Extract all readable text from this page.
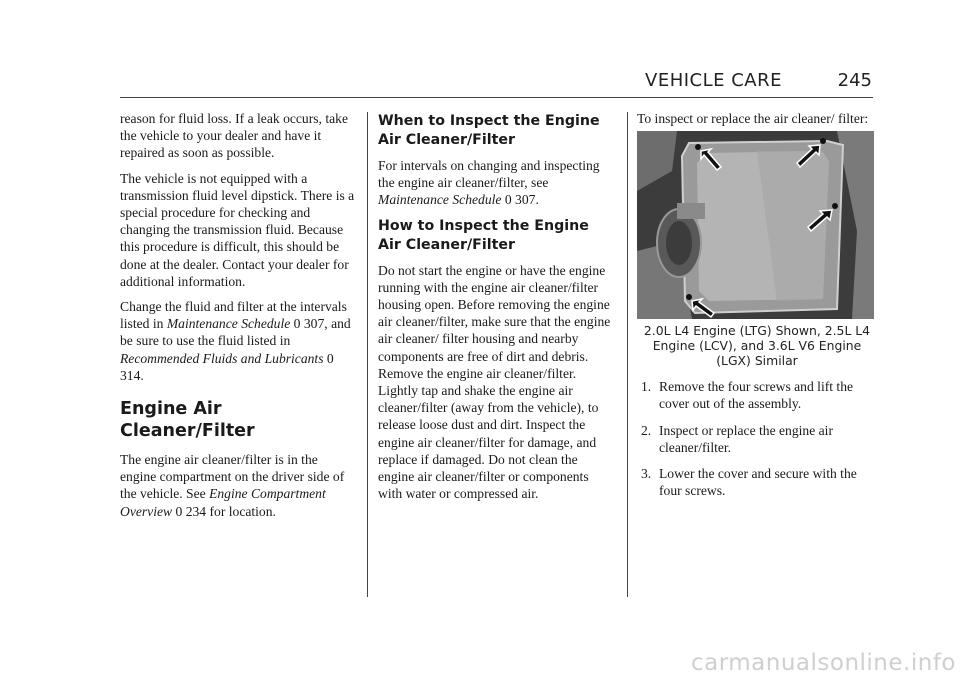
VEHICLE CARE	245

reason for fluid loss. If a leak occurs, take the vehicle to your dealer and have it repaired as soon as possible.

The vehicle is not equipped with a transmission fluid level dipstick. There is a special procedure for checking and changing the transmission fluid. Because this procedure is difficult, this should be done at the dealer. Contact your dealer for additional information.

Change the fluid and filter at the intervals listed in Maintenance Schedule 0 307, and be sure to use the fluid listed in Recommended Fluids and Lubricants 0 314.

Engine Air Cleaner/Filter

The engine air cleaner/filter is in the engine compartment on the driver side of the vehicle. See Engine Compartment Overview 0 234 for location.

When to Inspect the Engine Air Cleaner/Filter

For intervals on changing and inspecting the engine air cleaner/filter, see Maintenance Schedule 0 307.

How to Inspect the Engine Air Cleaner/Filter

Do not start the engine or have the engine running with the engine air cleaner/filter housing open. Before removing the engine air cleaner/filter, make sure that the engine air cleaner/ filter housing and nearby components are free of dirt and debris. Remove the engine air cleaner/filter. Lightly tap and shake the engine air cleaner/filter (away from the vehicle), to release loose dust and dirt. Inspect the engine air cleaner/filter for damage, and replace if damaged. Do not clean the engine air cleaner/filter or components with water or compressed air.

To inspect or replace the air cleaner/ filter:

2.0L L4 Engine (LTG) Shown, 2.5L L4 Engine (LCV), and 3.6L V6 Engine (LGX) Similar
1. Remove the four screws and lift the cover out of the assembly.
2. Inspect or replace the engine air cleaner/filter.
3. Lower the cover and secure with the four screws.
carmanualsonline.info
